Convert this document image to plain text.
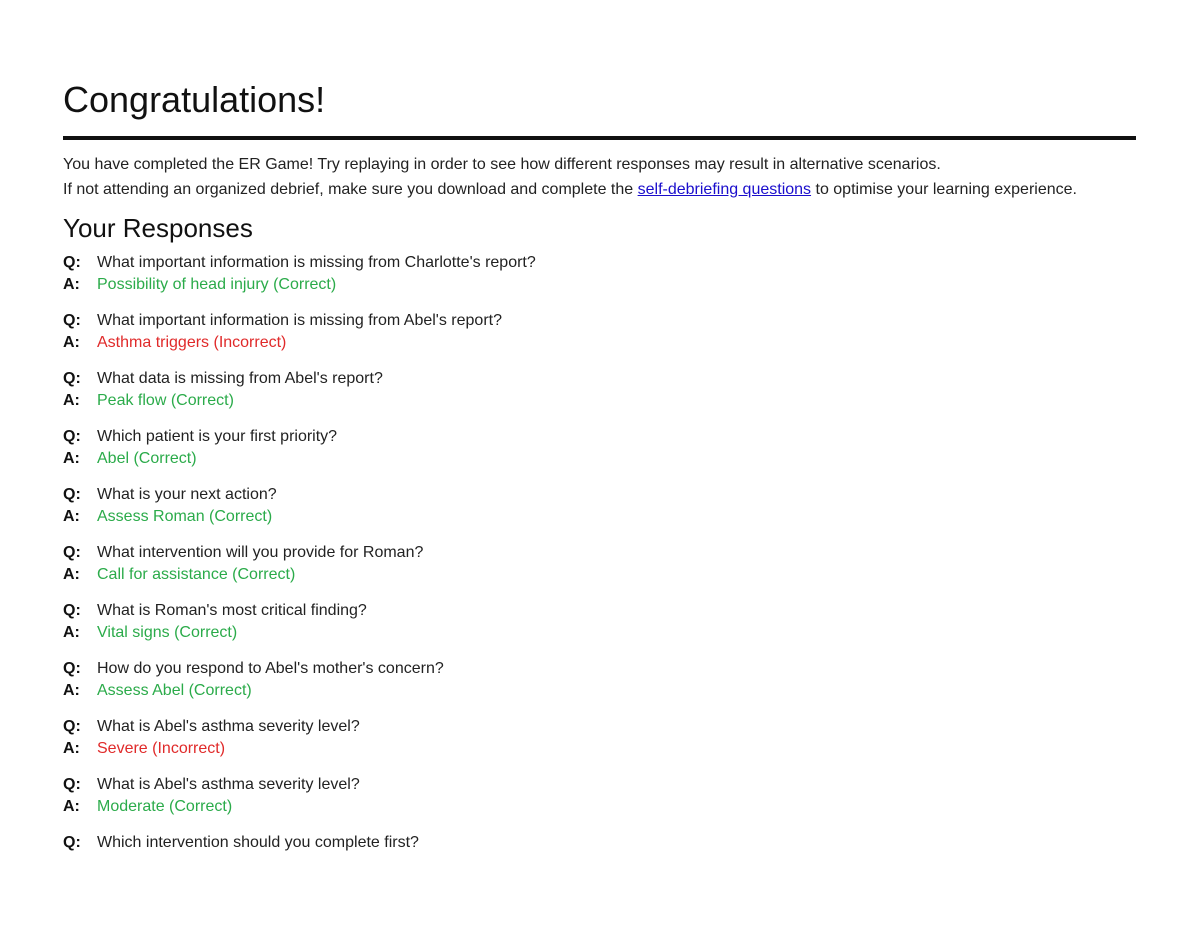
Congratulations!

You have completed the ER Game! Try replaying in order to see how different responses may result in alternative scenarios.

If not attending an organized debrief, make sure you download and complete the self-debriefing questions to optimise your learning experience.

Your Responses
Q:	What important information is missing from Charlotte's report?
A:	Possibility of head injury (Correct)
Q:	What important information is missing from Abel's report?
A:	Asthma triggers (Incorrect)
Q:	What data is missing from Abel's report?
A:	Peak flow (Correct)
Q:	Which patient is your first priority?
A:	Abel (Correct)
Q:	What is your next action?
A:	Assess Roman (Correct)
Q:	What intervention will you provide for Roman?
A:	Call for assistance (Correct)
Q:	What is Roman's most critical finding?
A:	Vital signs (Correct)
Q:	How do you respond to Abel's mother's concern?
A:	Assess Abel (Correct)
Q:	What is Abel's asthma severity level?
A:	Severe (Incorrect)
Q:	What is Abel's asthma severity level?
A:	Moderate (Correct)
Q:	Which intervention should you complete first?
